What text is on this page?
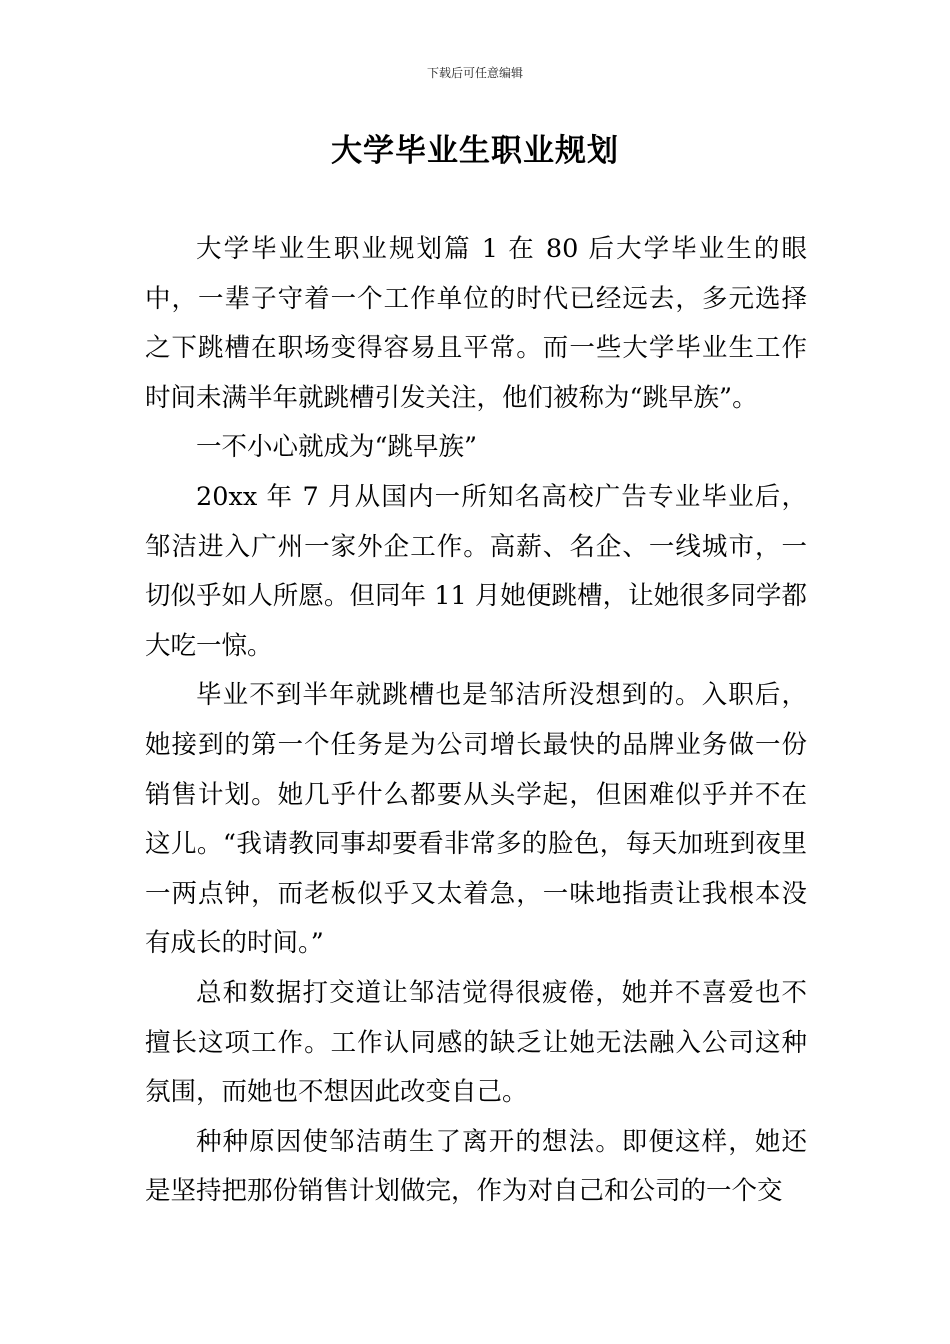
下载后可任意编辑
大学毕业生职业规划

大学毕业生职业规划篇 1 在 80 后大学毕业生的眼中，一辈子守着一个工作单位的时代已经远去，多元选择之下跳槽在职场变得容易且平常。而一些大学毕业生工作时间未满半年就跳槽引发关注，他们被称为“跳早族”。

一不小心就成为“跳早族”

20xx 年 7 月从国内一所知名高校广告专业毕业后，邹洁进入广州一家外企工作。高薪、名企、一线城市，一切似乎如人所愿。但同年 11 月她便跳槽，让她很多同学都大吃一惊。

毕业不到半年就跳槽也是邹洁所没想到的。入职后，她接到的第一个任务是为公司增长最快的品牌业务做一份销售计划。她几乎什么都要从头学起，但困难似乎并不在这儿。“我请教同事却要看非常多的脸色，每天加班到夜里一两点钟，而老板似乎又太着急，一味地指责让我根本没有成长的时间。”

总和数据打交道让邹洁觉得很疲倦，她并不喜爱也不擅长这项工作。工作认同感的缺乏让她无法融入公司这种氛围，而她也不想因此改变自己。

种种原因使邹洁萌生了离开的想法。即便这样，她还是坚持把那份销售计划做完，作为对自己和公司的一个交
